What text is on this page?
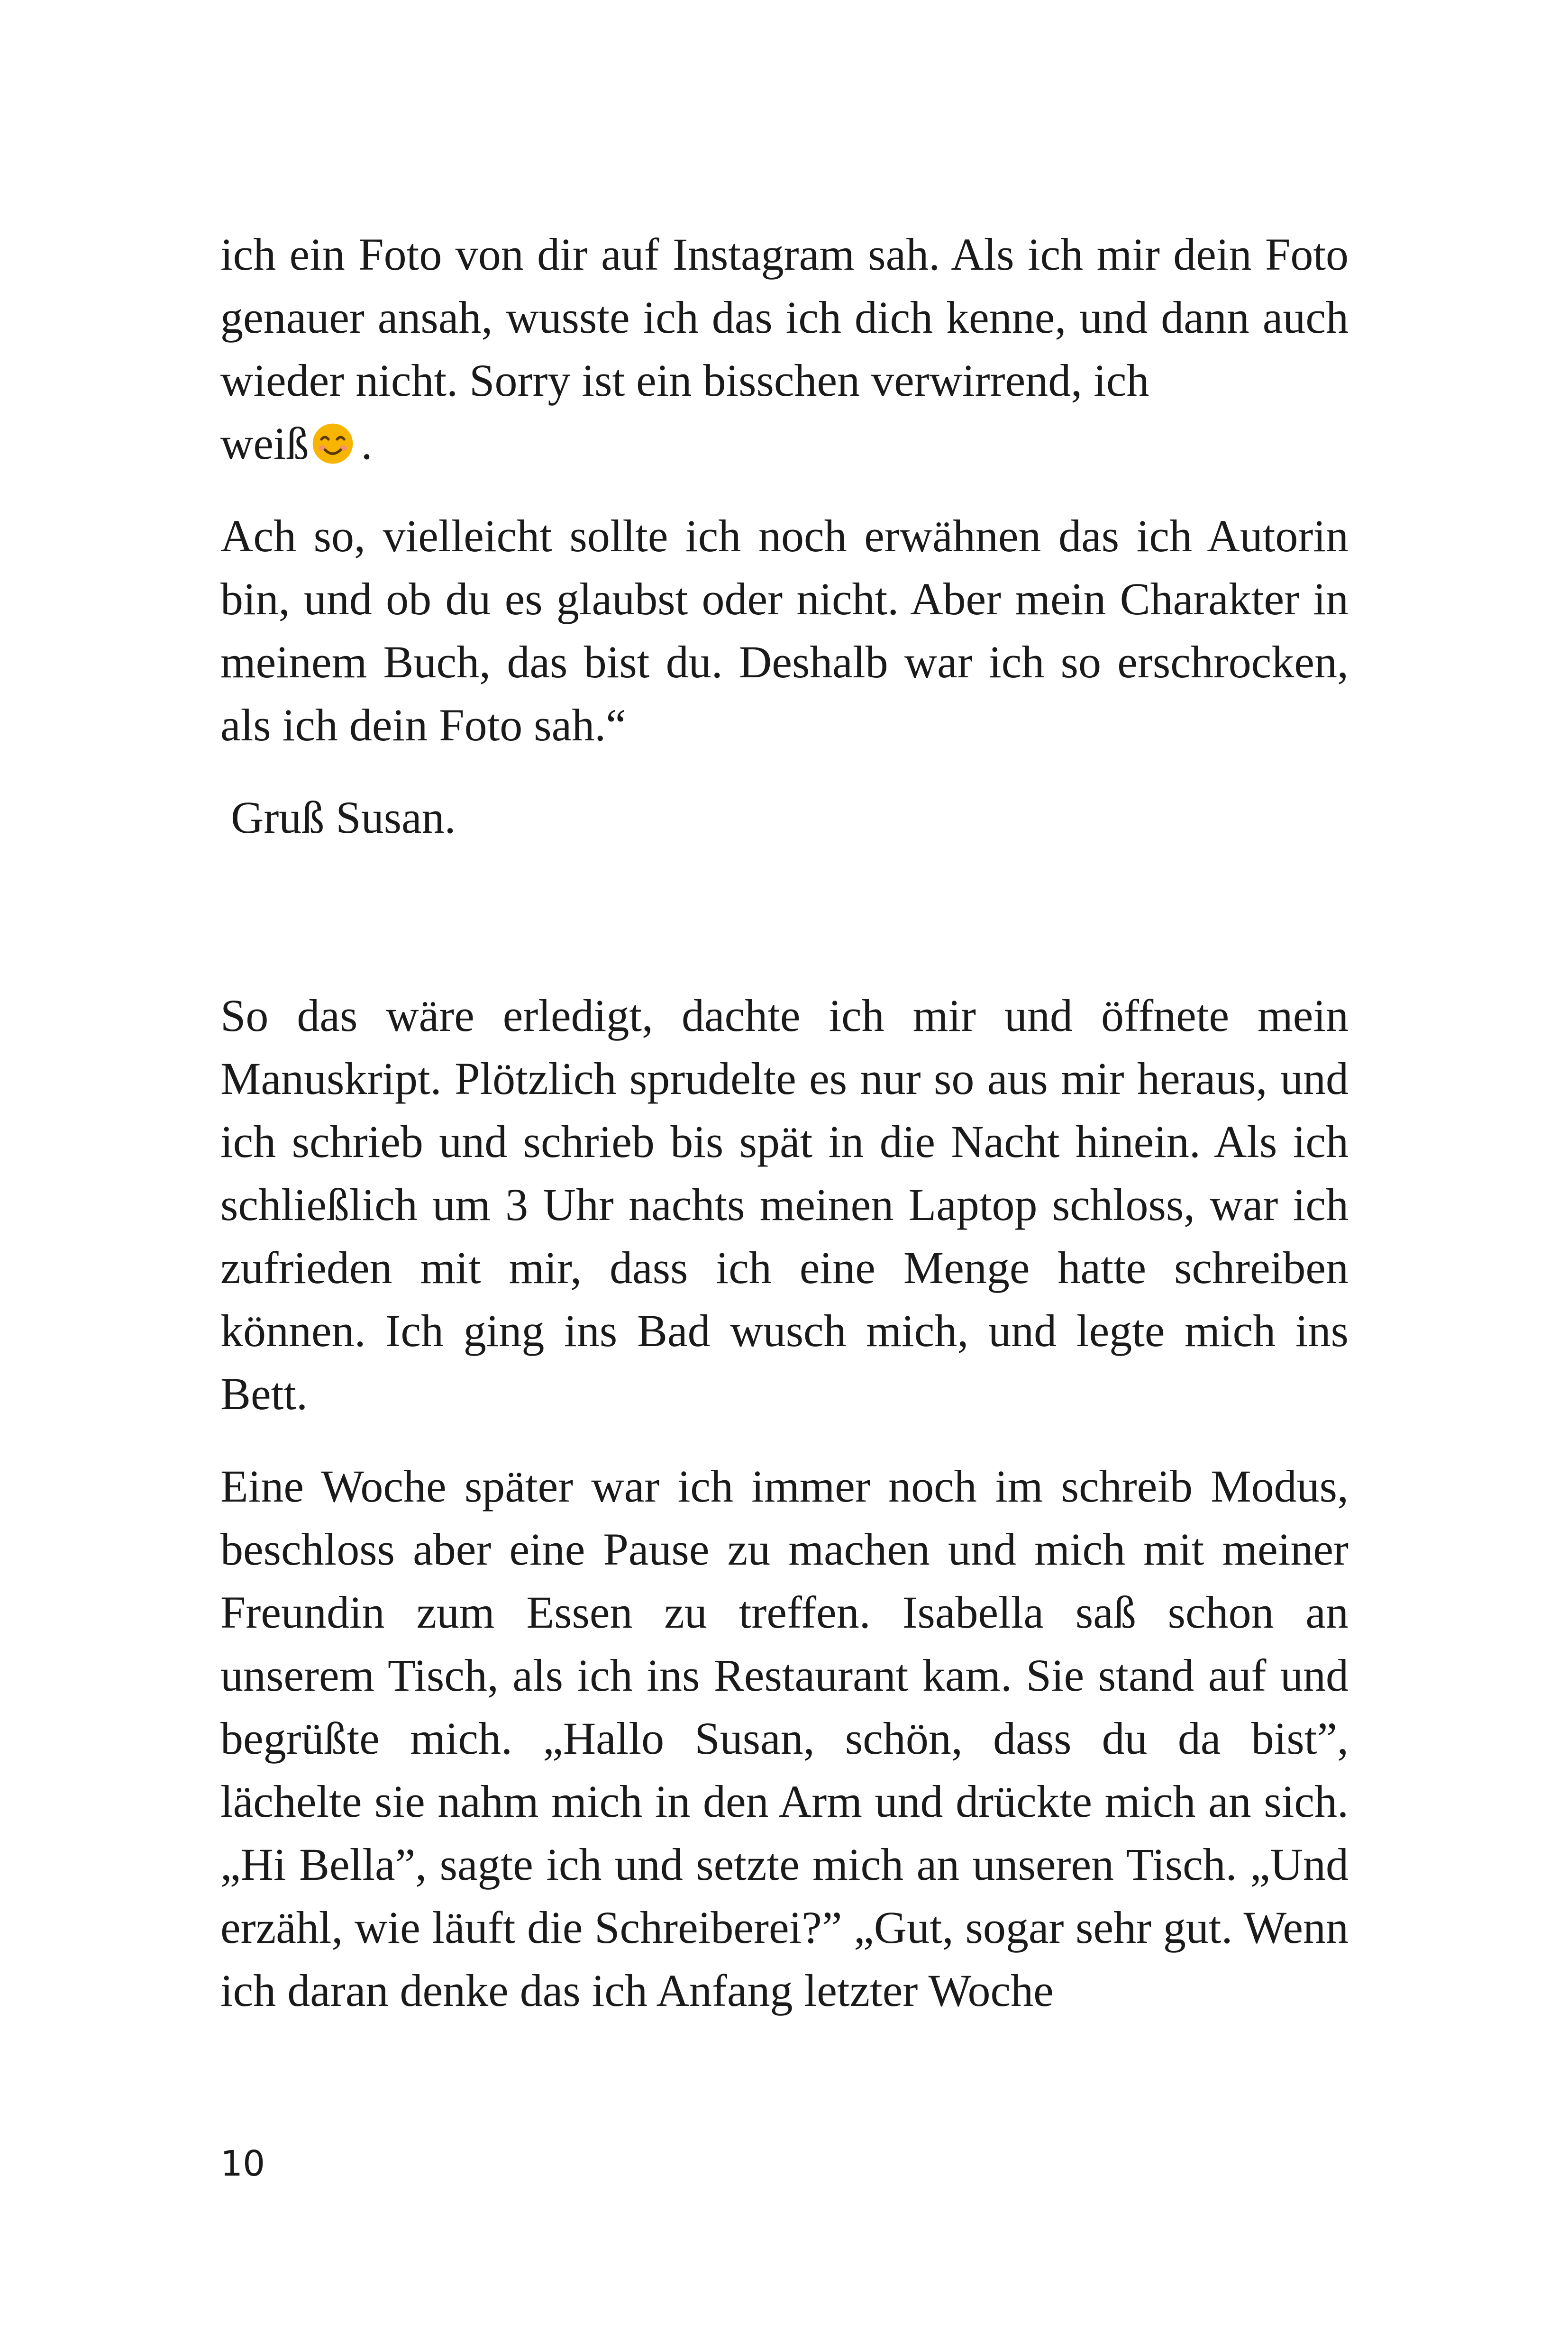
ich ein Foto von dir auf Instagram sah. Als ich mir dein Foto genauer ansah, wusste ich das ich dich kenne, und dann auch wieder nicht. Sorry ist ein bisschen verwirrend, ich
weiß .

Ach so, vielleicht sollte ich noch erwähnen das ich Autorin bin, und ob du es glaubst oder nicht. Aber mein Charakter in meinem Buch, das bist du. Deshalb war ich so erschrocken, als ich dein Foto sah.“

Gruß Susan.

So das wäre erledigt, dachte ich mir und öffnete mein Manuskript. Plötzlich sprudelte es nur so aus mir heraus, und ich schrieb und schrieb bis spät in die Nacht hinein. Als ich schließlich um 3 Uhr nachts meinen Laptop schloss, war ich zufrieden mit mir, dass ich eine Menge hatte schreiben können. Ich ging ins Bad wusch mich, und legte mich ins Bett.

Eine Woche später war ich immer noch im schreib Modus, beschloss aber eine Pause zu machen und mich mit meiner Freundin zum Essen zu treffen. Isabella saß schon an unserem Tisch, als ich ins Restaurant kam. Sie stand auf und begrüßte mich. „Hallo Susan, schön, dass du da bist”, lächelte sie nahm mich in den Arm und drückte mich an sich. „Hi Bella”, sagte ich und setzte mich an unseren Tisch. „Und erzähl, wie läuft die Schreiberei?” „Gut, sogar sehr gut. Wenn ich daran denke das ich Anfang letzter Woche

10
